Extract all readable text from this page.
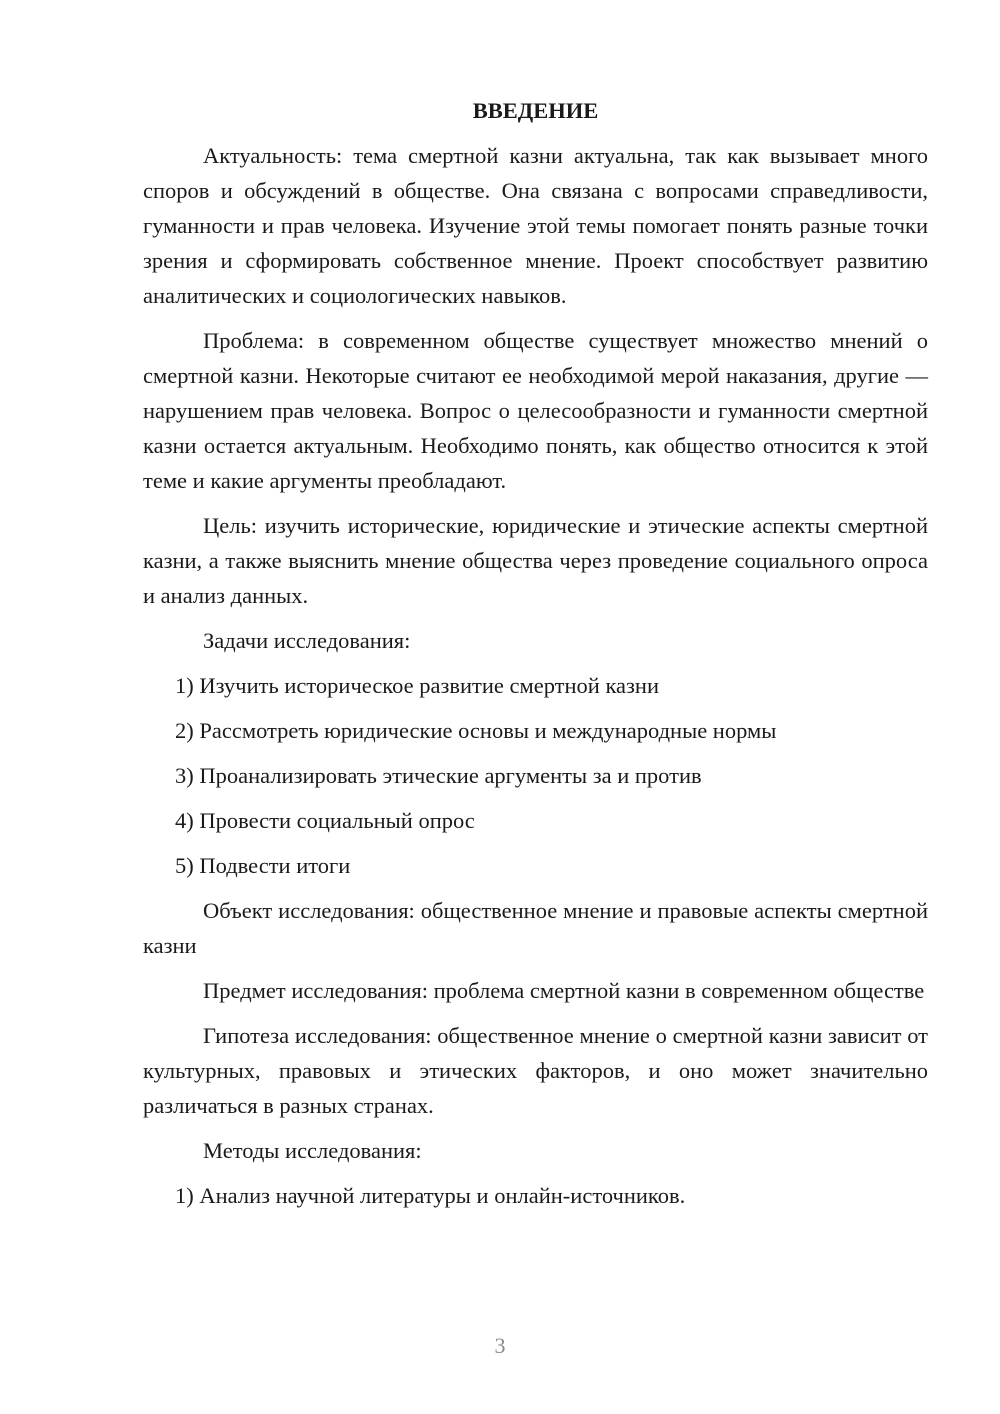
ВВЕДЕНИЕ

Актуальность: тема смертной казни актуальна, так как вызывает много споров и обсуждений в обществе. Она связана с вопросами справедливости, гуманности и прав человека. Изучение этой темы помогает понять разные точки зрения и сформировать собственное мнение. Проект способствует развитию аналитических и социологических навыков.

Проблема: в современном обществе существует множество мнений о смертной казни. Некоторые считают ее необходимой мерой наказания, другие — нарушением прав человека. Вопрос о целесообразности и гуманности смертной казни остается актуальным. Необходимо понять, как общество относится к этой теме и какие аргументы преобладают.

Цель: изучить исторические, юридические и этические аспекты смертной казни, а также выяснить мнение общества через проведение социального опроса и анализ данных.

Задачи исследования:

1) Изучить историческое развитие смертной казни

2) Рассмотреть юридические основы и международные нормы

3) Проанализировать этические аргументы за и против

4) Провести социальный опрос

5) Подвести итоги

Объект исследования: общественное мнение и правовые аспекты смертной казни

Предмет исследования: проблема смертной казни в современном обществе

Гипотеза исследования: общественное мнение о смертной казни зависит от культурных, правовых и этических факторов, и оно может значительно различаться в разных странах.

Методы исследования:

1) Анализ научной литературы и онлайн-источников.

3
